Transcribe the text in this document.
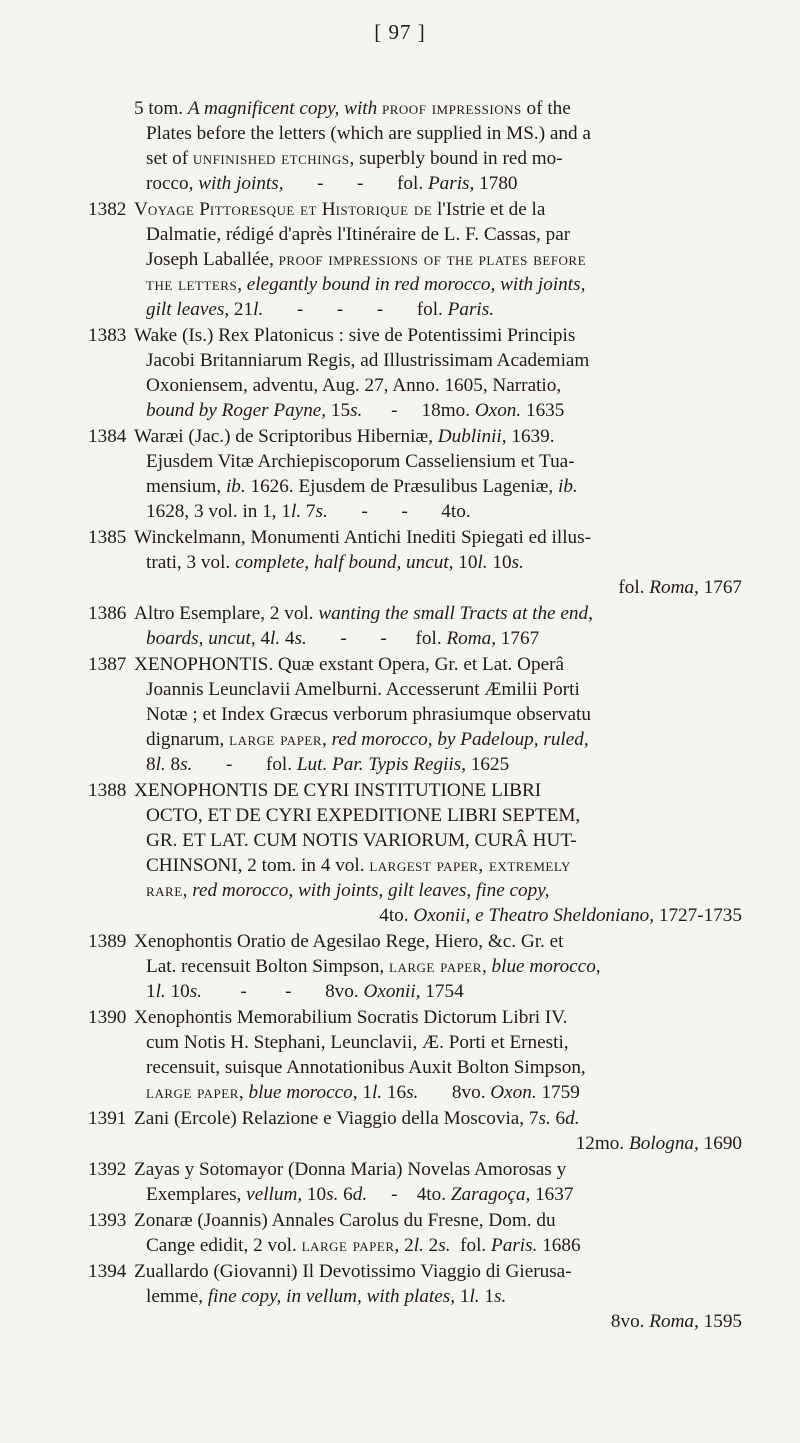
[ 97 ]
5 tom. A magnificent copy, with proof impressions of the
Plates before the letters (which are supplied in MS.) and a
set of unfinished etchings, superbly bound in red mo-
rocco, with joints,       -       -       fol. Paris, 1780
1382 Voyage Pittoresque et Historique de l'Istrie et de la
Dalmatie, rédigé d'après l'Itinéraire de L. F. Cassas, par
Joseph Laballée, proof impressions of the plates before
the letters, elegantly bound in red morocco, with joints,
gilt leaves, 21l.       -       -       -       fol. Paris.
1383 Wake (Is.) Rex Platonicus : sive de Potentissimi Principis
Jacobi Britanniarum Regis, ad Illustrissimam Academiam
Oxoniensem, adventu, Aug. 27, Anno. 1605, Narratio,
bound by Roger Payne, 15s.      -     18mo. Oxon. 1635
1384 Waræi (Jac.) de Scriptoribus Hiberniæ, Dublinii, 1639.
Ejusdem Vitæ Archiepiscoporum Casseliensium et Tua-
mensium, ib. 1626. Ejusdem de Præsulibus Lageniæ, ib.
1628, 3 vol. in 1, 1l. 7s.       -       -       4to.
1385 Winckelmann, Monumenti Antichi Inediti Spiegati ed illus-
trati, 3 vol. complete, half bound, uncut, 10l. 10s.
fol. Roma, 1767
1386 Altro Esemplare, 2 vol. wanting the small Tracts at the end,
boards, uncut, 4l. 4s.       -       -      fol. Roma, 1767
1387 XENOPHONTIS. Quæ exstant Opera, Gr. et Lat. Operâ
Joannis Leunclavii Amelburni. Accesserunt Æmilii Porti
Notæ ; et Index Græcus verborum phrasiumque observatu
dignarum, large paper, red morocco, by Padeloup, ruled,
8l. 8s.       -       fol. Lut. Par. Typis Regiis, 1625
1388 XENOPHONTIS DE CYRI INSTITUTIONE LIBRI
OCTO, ET DE CYRI EXPEDITIONE LIBRI SEPTEM,
GR. ET LAT. CUM NOTIS VARIORUM, CURÂ HUT-
CHINSONI, 2 tom. in 4 vol. largest paper, extremely
rare, red morocco, with joints, gilt leaves, fine copy,
4to. Oxonii, e Theatro Sheldoniano, 1727-1735
1389 Xenophontis Oratio de Agesilao Rege, Hiero, &c. Gr. et
Lat. recensuit Bolton Simpson, large paper, blue morocco,
1l. 10s.        -        -       8vo. Oxonii, 1754
1390 Xenophontis Memorabilium Socratis Dictorum Libri IV.
cum Notis H. Stephani, Leunclavii, Æ. Porti et Ernesti,
recensuit, suisque Annotationibus Auxit Bolton Simpson,
large paper, blue morocco, 1l. 16s.       8vo. Oxon. 1759
1391 Zani (Ercole) Relazione e Viaggio della Moscovia, 7s. 6d.
12mo. Bologna, 1690
1392 Zayas y Sotomayor (Donna Maria) Novelas Amorosas y
Exemplares, vellum, 10s. 6d.     -    4to. Zaragoça, 1637
1393 Zonaræ (Joannis) Annales Carolus du Fresne, Dom. du
Cange edidit, 2 vol. large paper, 2l. 2s.  fol. Paris. 1686
1394 Zuallardo (Giovanni) Il Devotissimo Viaggio di Gierusa-
lemme, fine copy, in vellum, with plates, 1l. 1s.
8vo. Roma, 1595
